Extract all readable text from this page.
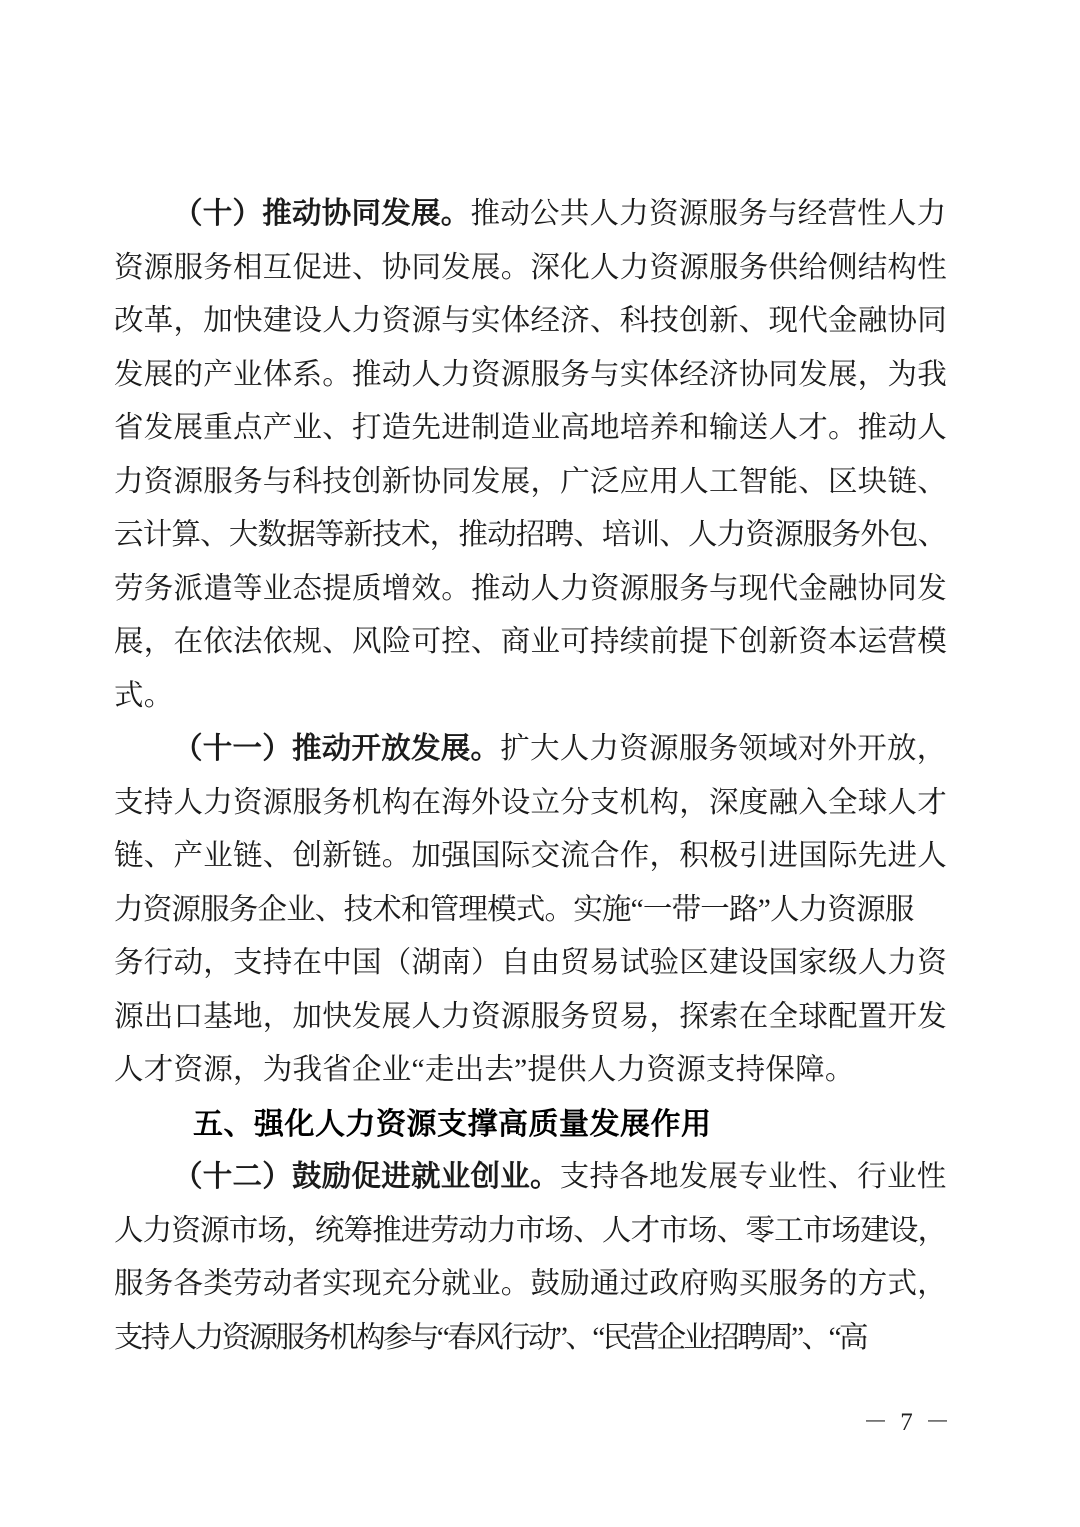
（十）推动协同发展。推动公共人力资源服务与经营性人力
资源服务相互促进、协同发展。深化人力资源服务供给侧结构性
改革，加快建设人力资源与实体经济、科技创新、现代金融协同
发展的产业体系。推动人力资源服务与实体经济协同发展，为我
省发展重点产业、打造先进制造业高地培养和输送人才。推动人
力资源服务与科技创新协同发展，广泛应用人工智能、区块链、
云计算、大数据等新技术，推动招聘、培训、人力资源服务外包、
劳务派遣等业态提质增效。推动人力资源服务与现代金融协同发
展，在依法依规、风险可控、商业可持续前提下创新资本运营模
式。
（十一）推动开放发展。扩大人力资源服务领域对外开放，
支持人力资源服务机构在海外设立分支机构，深度融入全球人才
链、产业链、创新链。加强国际交流合作，积极引进国际先进人
力资源服务企业、技术和管理模式。实施“一带一路”人力资源服
务行动，支持在中国（湖南）自由贸易试验区建设国家级人力资
源出口基地，加快发展人力资源服务贸易，探索在全球配置开发
人才资源，为我省企业“走出去”提供人力资源支持保障。
五、强化人力资源支撑高质量发展作用
（十二）鼓励促进就业创业。支持各地发展专业性、行业性
人力资源市场，统筹推进劳动力市场、人才市场、零工市场建设，
服务各类劳动者实现充分就业。鼓励通过政府购买服务的方式，
支持人力资源服务机构参与“春风行动”、“民营企业招聘周”、“高
－ 7 －
